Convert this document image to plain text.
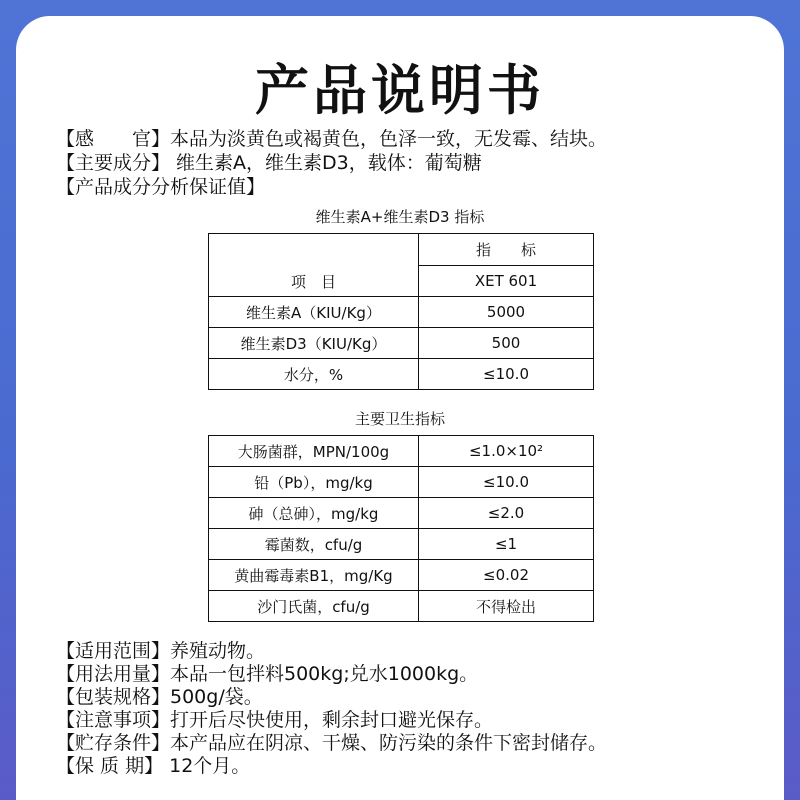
产品说明书
【感　　官】本品为淡黄色或褐黄色，色泽一致，无发霉、结块。
【主要成分】 维生素A，维生素D3，载体：葡萄糖
【产品成分分析保证值】
维生素A+维生素D3 指标
项　目	指　　标
	XET 601
维生素A（KIU/Kg）	5000
维生素D3（KIU/Kg）	500
水分，%	≤10.0
主要卫生指标
大肠菌群，MPN/100g	≤1.0×10²
铅（Pb），mg/kg	≤10.0
砷（总砷），mg/kg	≤2.0
霉菌数，cfu/g	≤1
黄曲霉毒素B1，mg/Kg	≤0.02
沙门氏菌，cfu/g	不得检出
【适用范围】养殖动物。
【用法用量】本品一包拌料500kg;兑水1000kg。
【包装规格】500g/袋。
【注意事项】打开后尽快使用，剩余封口避光保存。
【贮存条件】本产品应在阴凉、干燥、防污染的条件下密封储存。
【保 质 期】 12个月。
